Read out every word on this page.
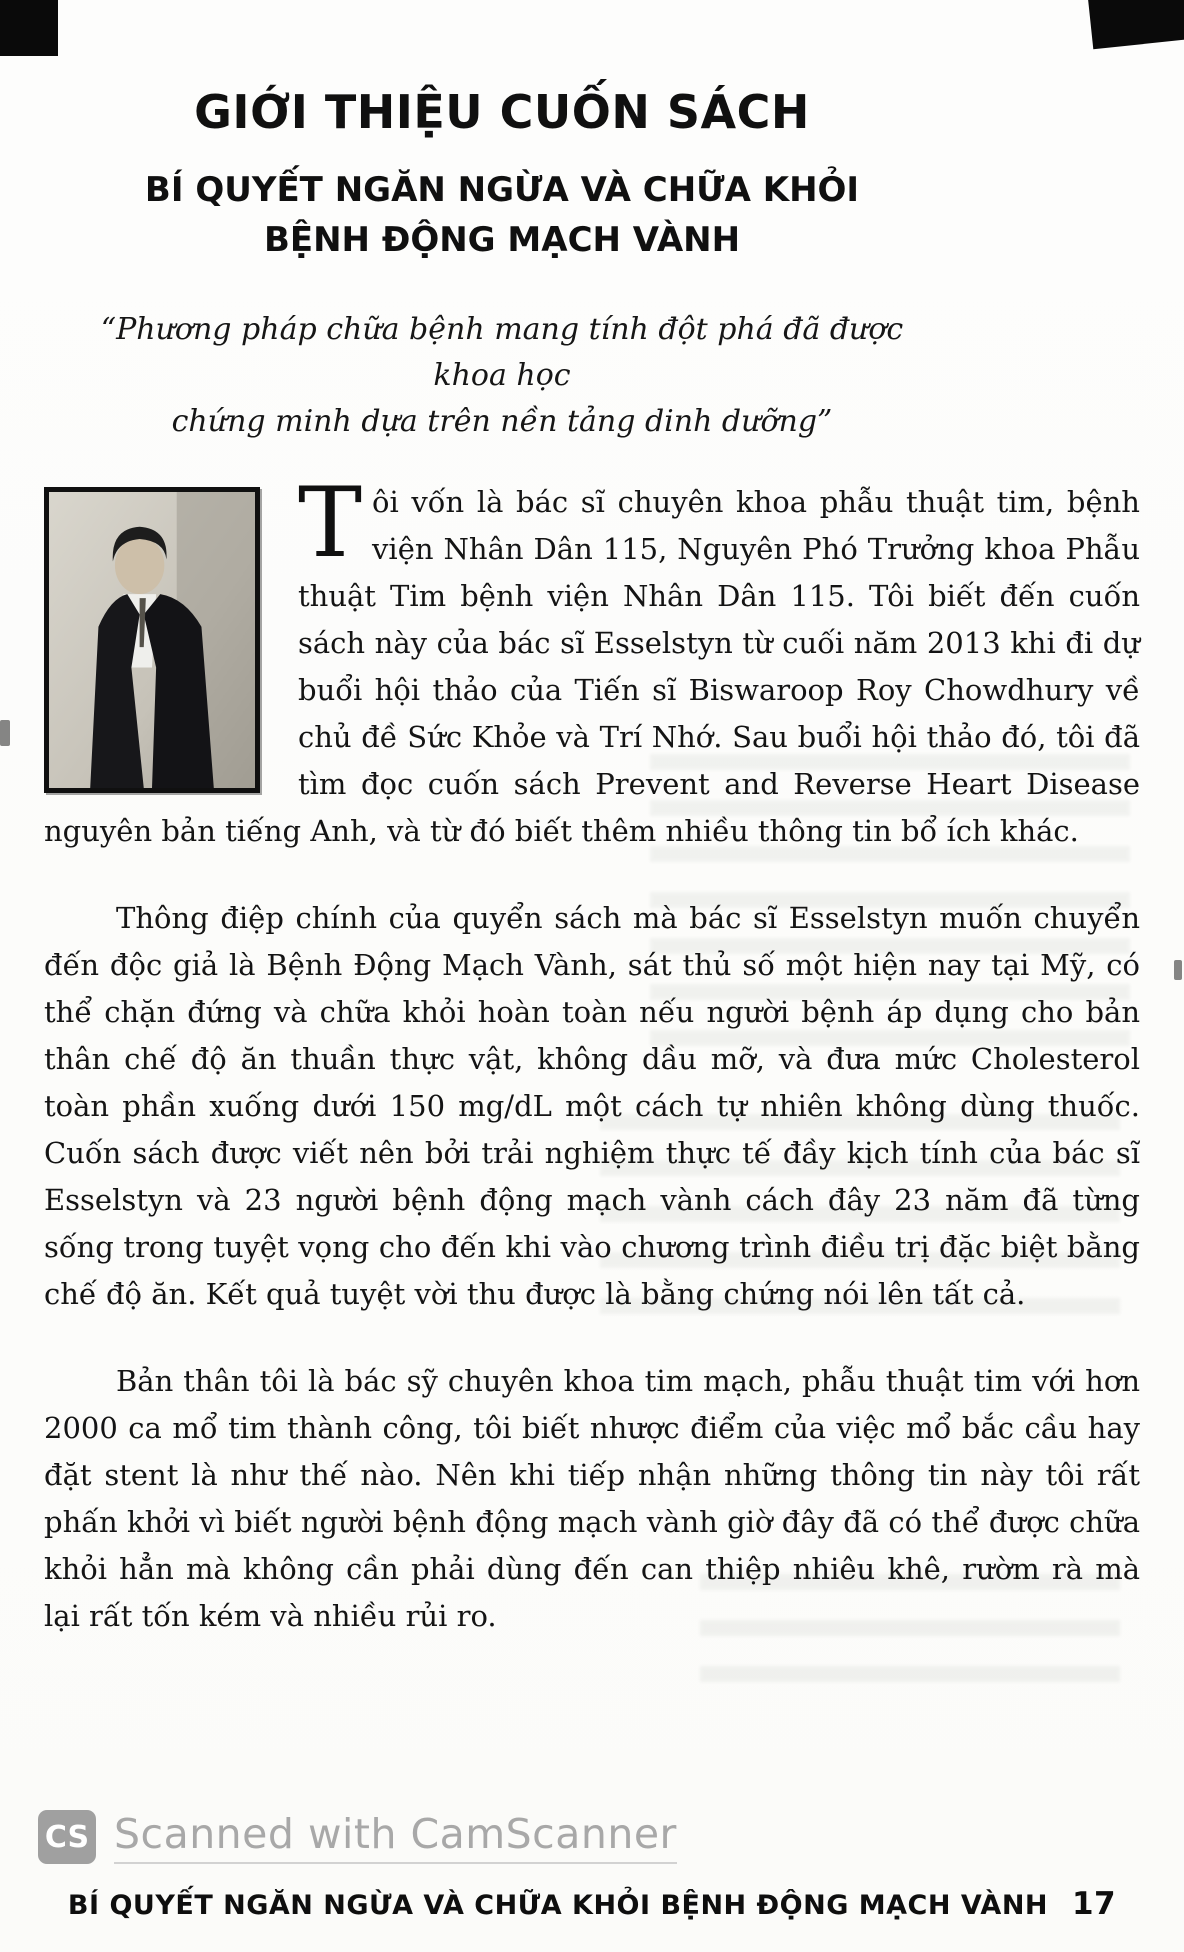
GIỚI THIỆU CUỐN SÁCH
BÍ QUYẾT NGĂN NGỪA VÀ CHỮA KHỎI
BỆNH ĐỘNG MẠCH VÀNH
“Phương pháp chữa bệnh mang tính đột phá đã được khoa học
chứng minh dựa trên nền tảng dinh dưỡng”
T ôi vốn là bác sĩ chuyên khoa phẫu thuật tim, bệnh viện Nhân Dân 115, Nguyên Phó Trưởng khoa Phẫu thuật Tim bệnh viện Nhân Dân 115. Tôi biết đến cuốn sách này của bác sĩ Esselstyn từ cuối năm 2013 khi đi dự buổi hội thảo của Tiến sĩ Biswaroop Roy Chowdhury về chủ đề Sức Khỏe và Trí Nhớ. Sau buổi hội thảo đó, tôi đã tìm đọc cuốn sách Prevent and Reverse Heart Disease nguyên bản tiếng Anh, và từ đó biết thêm nhiều thông tin bổ ích khác.
Thông điệp chính của quyển sách mà bác sĩ Esselstyn muốn chuyển đến độc giả là Bệnh Động Mạch Vành, sát thủ số một hiện nay tại Mỹ, có thể chặn đứng và chữa khỏi hoàn toàn nếu người bệnh áp dụng cho bản thân chế độ ăn thuần thực vật, không dầu mỡ, và đưa mức Cholesterol toàn phần xuống dưới 150 mg/dL một cách tự nhiên không dùng thuốc. Cuốn sách được viết nên bởi trải nghiệm thực tế đầy kịch tính của bác sĩ Esselstyn và 23 người bệnh động mạch vành cách đây 23 năm đã từng sống trong tuyệt vọng cho đến khi vào chương trình điều trị đặc biệt bằng chế độ ăn. Kết quả tuyệt vời thu được là bằng chứng nói lên tất cả.
Bản thân tôi là bác sỹ chuyên khoa tim mạch, phẫu thuật tim với hơn 2000 ca mổ tim thành công, tôi biết nhược điểm của việc mổ bắc cầu hay đặt stent là như thế nào. Nên khi tiếp nhận những thông tin này tôi rất phấn khởi vì biết người bệnh động mạch vành giờ đây đã có thể được chữa khỏi hẳn mà không cần phải dùng đến can thiệp nhiêu khê, rườm rà mà lại rất tốn kém và nhiều rủi ro.
CS Scanned with CamScanner
BÍ QUYẾT NGĂN NGỪA VÀ CHỮA KHỎI BỆNH ĐỘNG MẠCH VÀNH 17
